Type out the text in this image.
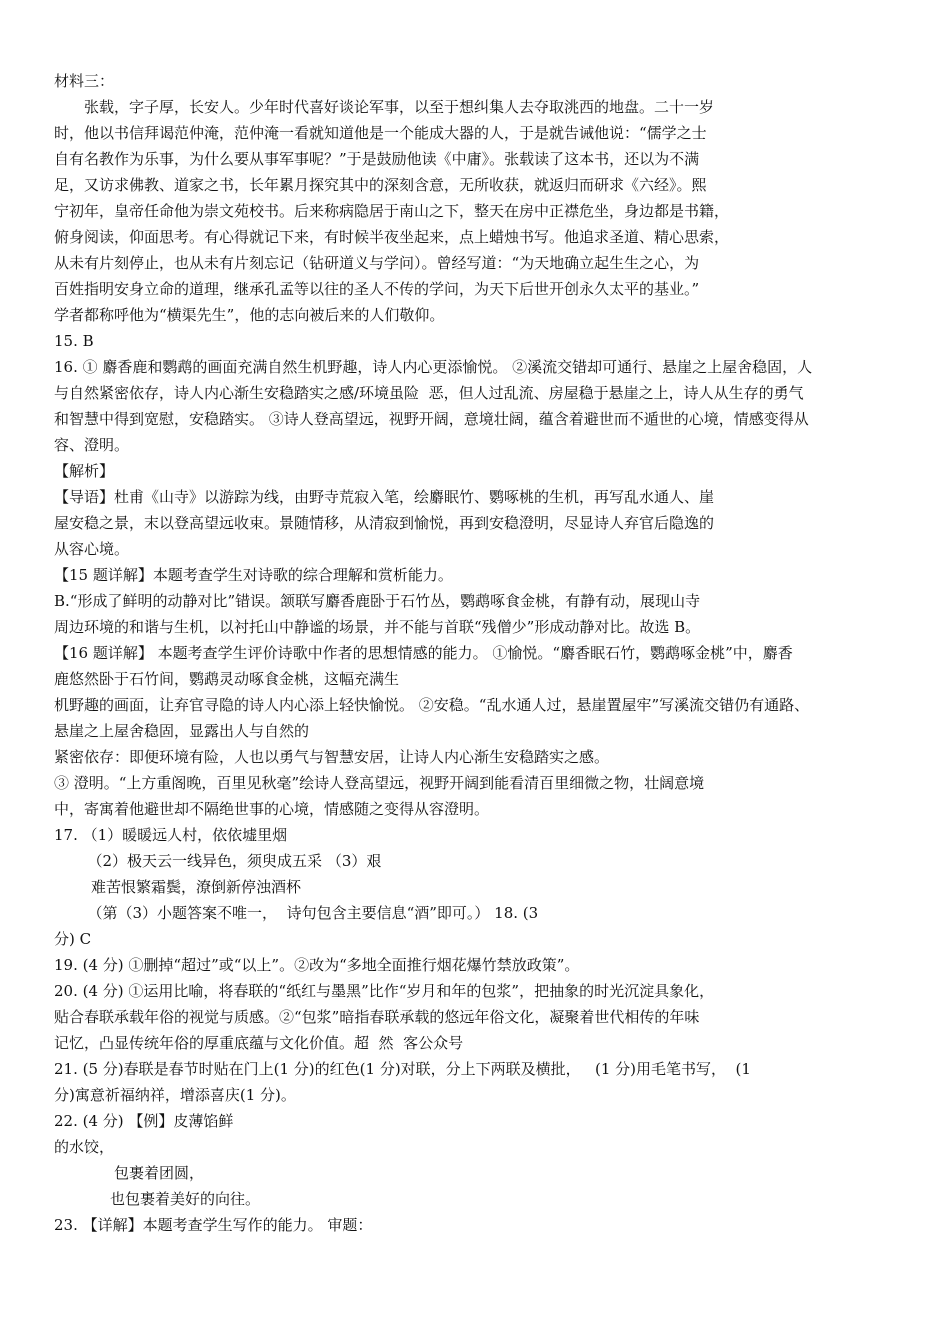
材料三：
　　张载，字子厚，长安人。少年时代喜好谈论军事，以至于想纠集人去夺取洮西的地盘。二十一岁
时，他以书信拜谒范仲淹，范仲淹一看就知道他是一个能成大器的人，于是就告诫他说：“儒学之士
自有名教作为乐事，为什么要从事军事呢？”于是鼓励他读《中庸》。张载读了这本书，还以为不满
足，又访求佛教、道家之书，长年累月探究其中的深刻含意，无所收获，就返归而研求《六经》。熙
宁初年，皇帝任命他为崇文苑校书。后来称病隐居于南山之下，整天在房中正襟危坐，身边都是书籍，
俯身阅读，仰面思考。有心得就记下来，有时候半夜坐起来，点上蜡烛书写。他追求圣道、精心思索，
从未有片刻停止，也从未有片刻忘记（钻研道义与学问）。曾经写道：“为天地确立起生生之心，为
百姓指明安身立命的道理，继承孔孟等以往的圣人不传的学问，为天下后世开创永久太平的基业。”
学者都称呼他为“横渠先生”，他的志向被后来的人们敬仰。
15. B
16. ① 麝香鹿和鹦鹉的画面充满自然生机野趣，诗人内心更添愉悦。 ②溪流交错却可通行、悬崖之上屋舍稳固，人
与自然紧密依存，诗人内心渐生安稳踏实之感/环境虽险  恶，但人过乱流、房屋稳于悬崖之上，诗人从生存的勇气
和智慧中得到宽慰，安稳踏实。 ③诗人登高望远，视野开阔，意境壮阔，蕴含着避世而不遁世的心境，情感变得从
容、澄明。
【解析】
【导语】杜甫《山寺》以游踪为线，由野寺荒寂入笔，绘麝眠竹、鹦啄桃的生机，再写乱水通人、崖
屋安稳之景，末以登高望远收束。景随情移，从清寂到愉悦，再到安稳澄明，尽显诗人弃官后隐逸的
从容心境。
【15 题详解】本题考查学生对诗歌的综合理解和赏析能力。
B.“形成了鲜明的动静对比”错误。颔联写麝香鹿卧于石竹丛，鹦鹉啄食金桃，有静有动，展现山寺
周边环境的和谐与生机，以衬托山中静谧的场景，并不能与首联“残僧少”形成动静对比。故选 B。
【16 题详解】 本题考查学生评价诗歌中作者的思想情感的能力。 ①愉悦。“麝香眠石竹，鹦鹉啄金桃”中，麝香
鹿悠然卧于石竹间，鹦鹉灵动啄食金桃，这幅充满生
机野趣的画面，让弃官寻隐的诗人内心添上轻快愉悦。 ②安稳。“乱水通人过，悬崖置屋牢”写溪流交错仍有通路、
悬崖之上屋舍稳固，显露出人与自然的
紧密依存：即便环境有险，人也以勇气与智慧安居，让诗人内心渐生安稳踏实之感。
③ 澄明。“上方重阁晚，百里见秋毫”绘诗人登高望远，视野开阔到能看清百里细微之物，壮阔意境
中，寄寓着他避世却不隔绝世事的心境，情感随之变得从容澄明。
17. （1）暖暖远人村，依依墟里烟
　（2）极天云一线异色，须臾成五采 （3）艰
　难苦恨繁霜鬓，潦倒新停浊酒杯
　（第（3）小题答案不唯一，  诗句包含主要信息“酒”即可。） 18. (3
分) C
19. (4 分) ①删掉“超过”或“以上”。②改为“多地全面推行烟花爆竹禁放政策”。
20. (4 分) ①运用比喻，将春联的“纸红与墨黑”比作“岁月和年的包浆”，把抽象的时光沉淀具象化，
贴合春联承载年俗的视觉与质感。②“包浆”暗指春联承载的悠远年俗文化，凝聚着世代相传的年味
记忆，凸显传统年俗的厚重底蕴与文化价值。超  然  客公众号
21. (5 分)春联是春节时贴在门上(1 分)的红色(1 分)对联，分上下两联及横批，   (1 分)用毛笔书写，  (1
分)寓意祈福纳祥，增添喜庆(1 分)。
22. (4 分) 【例】皮薄馅鲜
的水饺，
　　包裹着团圆，
　　也包裹着美好的向往。
23. 【详解】本题考查学生写作的能力。 审题：
